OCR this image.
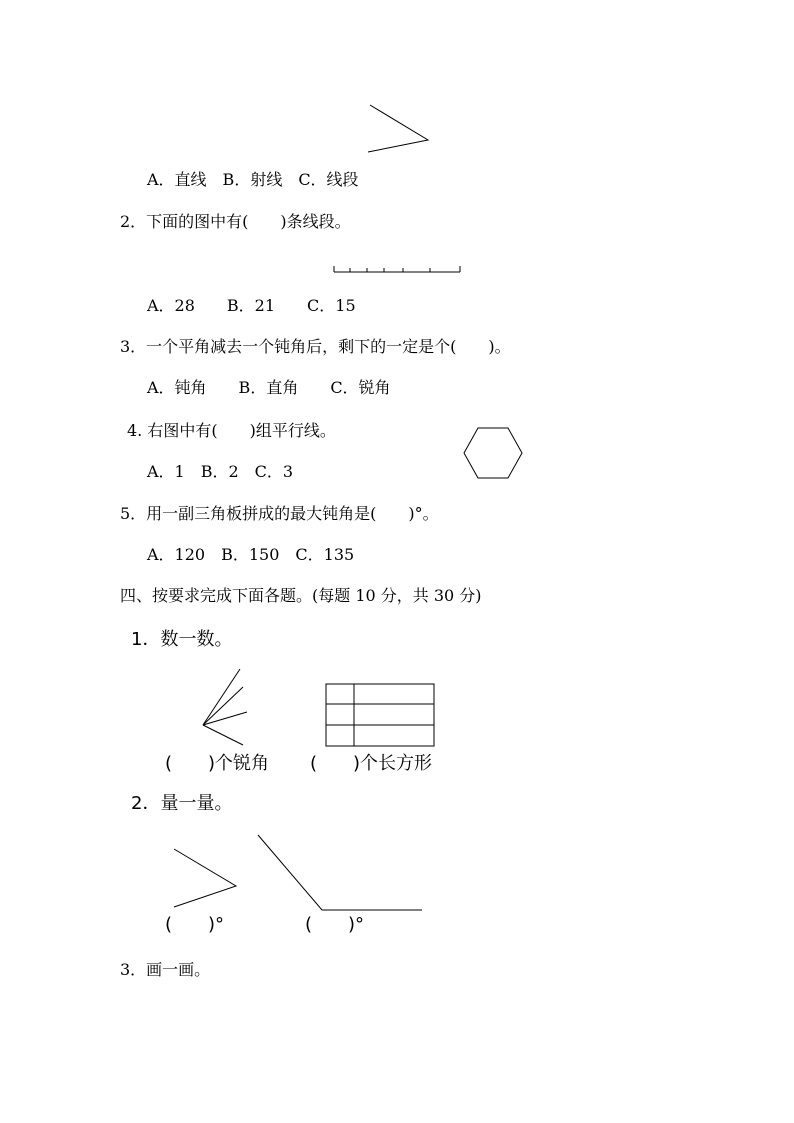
A．直线　B．射线　C．线段
2．下面的图中有(　　)条线段。
A．28　　B．21　　C．15
3．一个平角减去一个钝角后，剩下的一定是个(　　)。
A．钝角　　B．直角　　C．锐角
4. 右图中有(　　)组平行线。
A．1　B．2　C．3
5．用一副三角板拼成的最大钝角是(　　)°。
A．120　B．150　C．135
四、按要求完成下面各题。(每题 10 分，共 30 分)
1．数一数。
(　　)个锐角 (　　)个长方形
2．量一量。
(　　)°	(　　)°
3．画一画。
